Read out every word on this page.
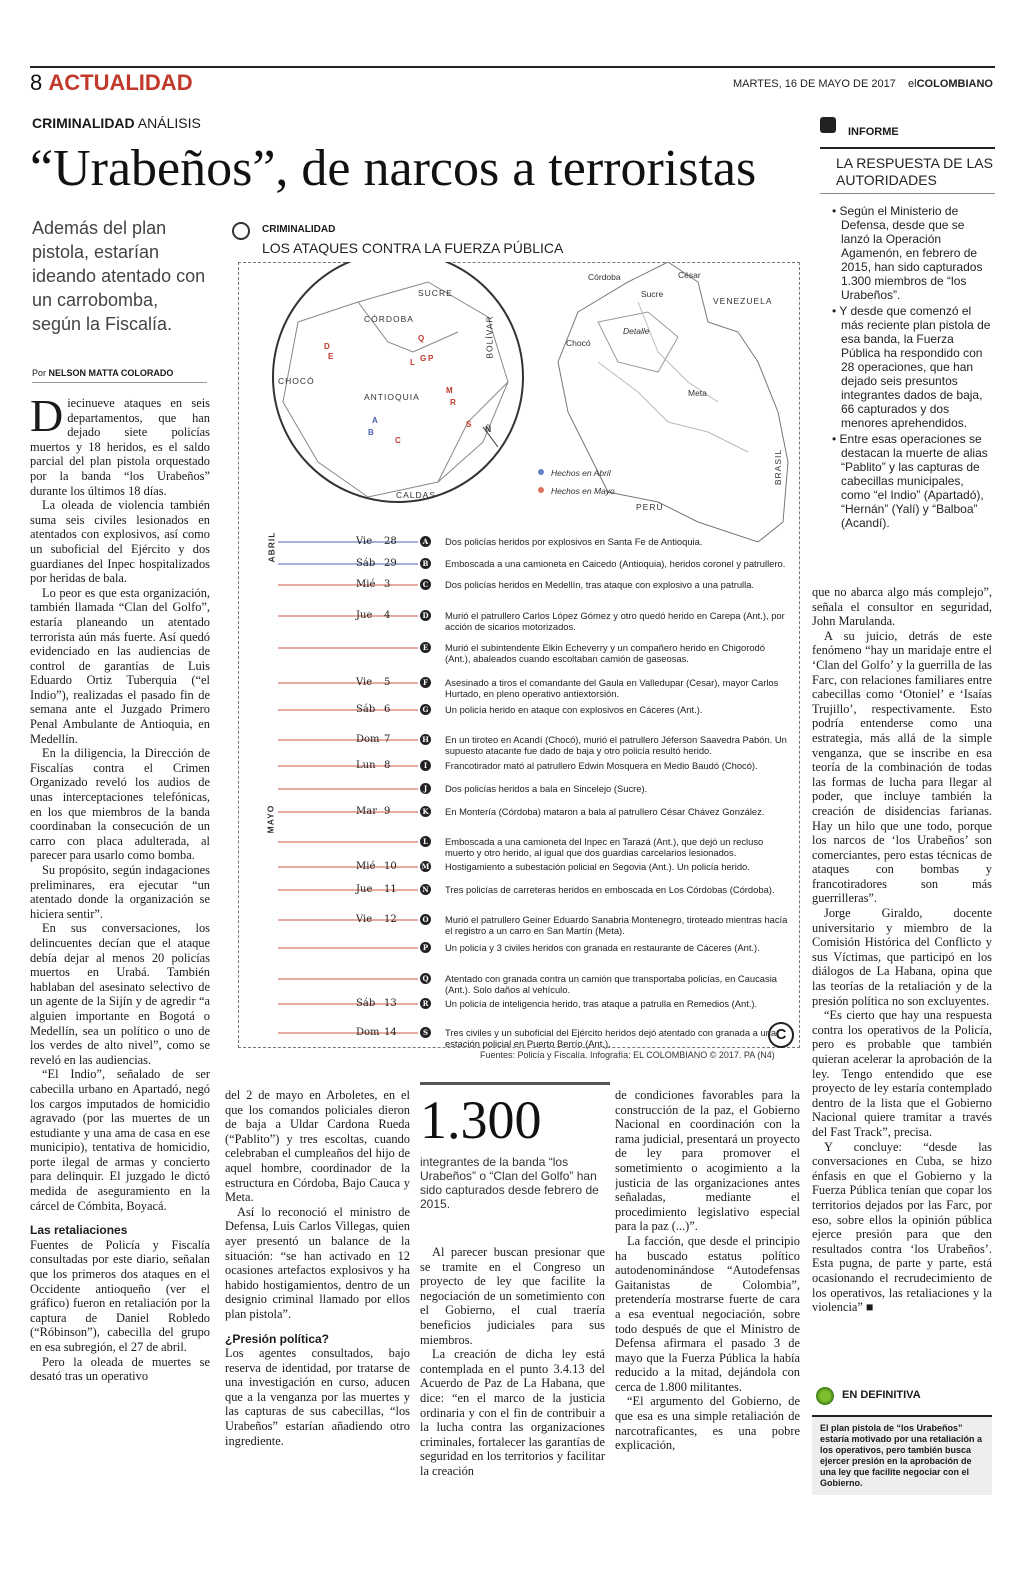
8 ACTUALIDAD	MARTES, 16 DE MAYO DE 2017 elCOLOMBIANO
CRIMINALIDAD ANÁLISIS
“Urabeños”, de narcos a terroristas
Además del plan pistola, estarían ideando atentado con un carrobomba, según la Fiscalía.
Por NELSON MATTA COLORADO
D iecinueve ataques en seis departamentos, que han dejado siete policías muertos y 18 heridos, es el saldo parcial del plan pistola orquestado por la banda “los Urabeños” durante los últimos 18 días.

La oleada de violencia también suma seis civiles lesionados en atentados con explosivos, así como un suboficial del Ejército y dos guardianes del Inpec hospitalizados por heridas de bala.

Lo peor es que esta organización, también llamada “Clan del Golfo”, estaría planeando un atentado terrorista aún más fuerte. Así quedó evidenciado en las audiencias de control de garantías de Luis Eduardo Ortiz Tuberquia (“el Indio”), realizadas el pasado fin de semana ante el Juzgado Primero Penal Ambulante de Antioquia, en Medellín.

En la diligencia, la Dirección de Fiscalías contra el Crimen Organizado reveló los audios de unas interceptaciones telefónicas, en los que miembros de la banda coordinaban la consecución de un carro con placa adulterada, al parecer para usarlo como bomba.

Su propósito, según indagaciones preliminares, era ejecutar “un atentado donde la organización se hiciera sentir”.

En sus conversaciones, los delincuentes decían que el ataque debía dejar al menos 20 policías muertos en Urabá. También hablaban del asesinato selectivo de un agente de la Sijín y de agredir “a alguien importante en Bogotá o Medellín, sea un político o uno de los verdes de alto nivel”, como se reveló en las audiencias.

“El Indio”, señalado de ser cabecilla urbano en Apartadó, negó los cargos imputados de homicidio agravado (por las muertes de un estudiante y una ama de casa en ese municipio), tentativa de homicidio, porte ilegal de armas y concierto para delinquir. El juzgado le dictó medida de aseguramiento en la cárcel de Cómbita, Boyacá.

Las retaliaciones

Fuentes de Policía y Fiscalía consultadas por este diario, señalan que los primeros dos ataques en el Occidente antioqueño (ver el gráfico) fueron en retaliación por la captura de Daniel Robledo (“Róbinson”), cabecilla del grupo en esa subregión, el 27 de abril.

Pero la oleada de muertes se desató tras un operativo

del 2 de mayo en Arboletes, en el que los comandos policiales dieron de baja a Uldar Cardona Rueda (“Pablito”) y tres escoltas, cuando celebraban el cumpleaños del hijo de aquel hombre, coordinador de la estructura en Córdoba, Bajo Cauca y Meta.

Así lo reconoció el ministro de Defensa, Luis Carlos Villegas, quien ayer presentó un balance de la situación: “se han activado en 12 ocasiones artefactos explosivos y ha habido hostigamientos, dentro de un designio criminal llamado por ellos plan pistola”.

¿Presión política?

Los agentes consultados, bajo reserva de identidad, por tratarse de una investigación en curso, aducen que a la venganza por las muertes y las capturas de sus cabecillas, “los Urabeños” estarían añadiendo otro ingrediente.

1.300
integrantes de la banda “los Urabeños” o “Clan del Golfo” han sido capturados desde febrero de 2015.

Al parecer buscan presionar que se tramite en el Congreso un proyecto de ley que facilite la negociación de un sometimiento con el Gobierno, el cual traería beneficios judiciales para sus miembros.

La creación de dicha ley está contemplada en el punto 3.4.13 del Acuerdo de Paz de La Habana, que dice: “en el marco de la justicia ordinaria y con el fin de contribuir a la lucha contra las organizaciones criminales, fortalecer las garantías de seguridad en los territorios y facilitar la creación

de condiciones favorables para la construcción de la paz, el Gobierno Nacional en coordinación con la rama judicial, presentará un proyecto de ley para promover el sometimiento o acogimiento a la justicia de las organizaciones antes señaladas, mediante el procedimiento legislativo especial para la paz (...)”.

La facción, que desde el principio ha buscado estatus político autodenominándose “Autodefensas Gaitanistas de Colombia”, pretendería mostrarse fuerte de cara a esa eventual negociación, sobre todo después de que el Ministro de Defensa afirmara el pasado 3 de mayo que la Fuerza Pública la había reducido a la mitad, dejándola con cerca de 1.800 militantes.

“El argumento del Gobierno, de que esa es una simple retaliación de narcotraficantes, es una pobre explicación,

que no abarca algo más complejo”, señala el consultor en seguridad, John Marulanda.

A su juicio, detrás de este fenómeno “hay un maridaje entre el ‘Clan del Golfo’ y la guerrilla de las Farc, con relaciones familiares entre cabecillas como ‘Otoniel’ e ‘Isaías Trujillo’, respectivamente. Esto podría entenderse como una estrategia, más allá de la simple venganza, que se inscribe en esa teoría de la combinación de todas las formas de lucha para llegar al poder, que incluye también la creación de disidencias farianas. Hay un hilo que une todo, porque los narcos de ‘los Urabeños’ son comerciantes, pero estas técnicas de ataques con bombas y francotiradores son más guerrilleras”.

Jorge Giraldo, docente universitario y miembro de la Comisión Histórica del Conflicto y sus Víctimas, que participó en los diálogos de La Habana, opina que las teorías de la retaliación y de la presión política no son excluyentes.

“Es cierto que hay una respuesta contra los operativos de la Policía, pero es probable que también quieran acelerar la aprobación de la ley. Tengo entendido que ese proyecto de ley estaría contemplado dentro de la lista que el Gobierno Nacional quiere tramitar a través del Fast Track”, precisa.

Y concluye: “desde las conversaciones en Cuba, se hizo énfasis en que el Gobierno y la Fuerza Pública tenían que copar los territorios dejados por las Farc, por eso, sobre ellos la opinión pública ejerce presión para que den resultados contra ‘los Urabeños’. Esta pugna, de parte y parte, está ocasionando el recrudecimiento de los operativos, las retaliaciones y la violencia” ■

INFORME
LA RESPUESTA DE LAS AUTORIDADES
• Según el Ministerio de Defensa, desde que se lanzó la Operación Agamenón, en febrero de 2015, han sido capturados 1.300 miembros de “los Urabeños”.
• Y desde que comenzó el más reciente plan pistola de esa banda, la Fuerza Pública ha respondido con 28 operaciones, que han dejado seis presuntos integrantes dados de baja, 66 capturados y dos menores aprehendidos.
• Entre esas operaciones se destacan la muerte de alias “Pablito” y las capturas de cabecillas municipales, como “el Indio” (Apartadó), “Hernán” (Yalí) y “Balboa” (Acandí).
EN DEFINITIVA
El plan pistola de “los Urabeños” estaría motivado por una retaliación a los operativos, pero también busca ejercer presión en la aprobación de una ley que facilite negociar con el Gobierno.
CRIMINALIDAD
LOS ATAQUES CONTRA LA FUERZA PÚBLICA
SUCRE
CÓRDOBA	BOLÍVAR
CHOCÓ
ANTIOQUIA
CALDAS
Ñ
D
E
Q
L G P
M
R
A
B
C
S
Córdoba
Sucre
César
VENEZUELA
Chocó
Detalle
Meta
BRASIL
PERÚ
Hechos en Abril
Hechos en Mayo
ABRIL
MAYO
Vie 28	A Dos policías heridos por explosivos en Santa Fe de Antioquia.
Sáb 29	B Emboscada a una camioneta en Caicedo (Antioquia), heridos coronel y patrullero.
Mié 3	C Dos policías heridos en Medellín, tras ataque con explosivo a una patrulla.
Jue 4	D Murió el patrullero Carlos López Gómez y otro quedó herido en Carepa (Ant.), por acción de sicarios motorizados.
E	Murió el subintendente Elkin Echeverry y un compañero herido en Chigorodó (Ant.), abaleados cuando escoltaban camión de gaseosas.
Vie 5	F	Asesinado a tiros el comandante del Gaula en Valledupar (Cesar), mayor Carlos Hurtado, en pleno operativo antiextorsión.
Sáb 6	G Un policía herido en ataque con explosivos en Cáceres (Ant.).
Dom 7	H En un tiroteo en Acandí (Chocó), murió el patrullero Jéferson Saavedra Pabón. Un supuesto atacante fue dado de baja y otro policía resultó herido.
Lun 8	I	Francotirador mató al patrullero Edwin Mosquera en Medio Baudó (Chocó).
J	Dos policías heridos a bala en Sincelejo (Sucre).
Mar 9	K En Montería (Córdoba) mataron a bala al patrullero César Chávez González.
L	Emboscada a una camioneta del Inpec en Tarazá (Ant.), que dejó un recluso muerto y otro herido, al igual que dos guardias carcelarios lesionados.
Mié 10	M Hostigamiento a subestación policial en Segovia (Ant.). Un policía herido.
Jue 11	N Tres policías de carreteras heridos en emboscada en Los Córdobas (Córdoba).
Vie 12	O Murió el patrullero Geiner Eduardo Sanabria Montenegro, tiroteado mientras hacía el registro a un carro en San Martín (Meta).
P	Un policía y 3 civiles heridos con granada en restaurante de Cáceres (Ant.).
Q Atentado con granada contra un camión que transportaba policías, en Caucasia (Ant.). Solo daños al vehículo.
Sáb 13	R Un policía de inteligencia herido, tras ataque a patrulla en Remedios (Ant.).
Dom 14	S	Tres civiles y un suboficial del Ejército heridos dejó atentado con granada a una estación policial en Puerto Berrío (Ant.).
Fuentes: Policía y Fiscalía. Infografía: EL COLOMBIANO © 2017. PA (N4)
C
